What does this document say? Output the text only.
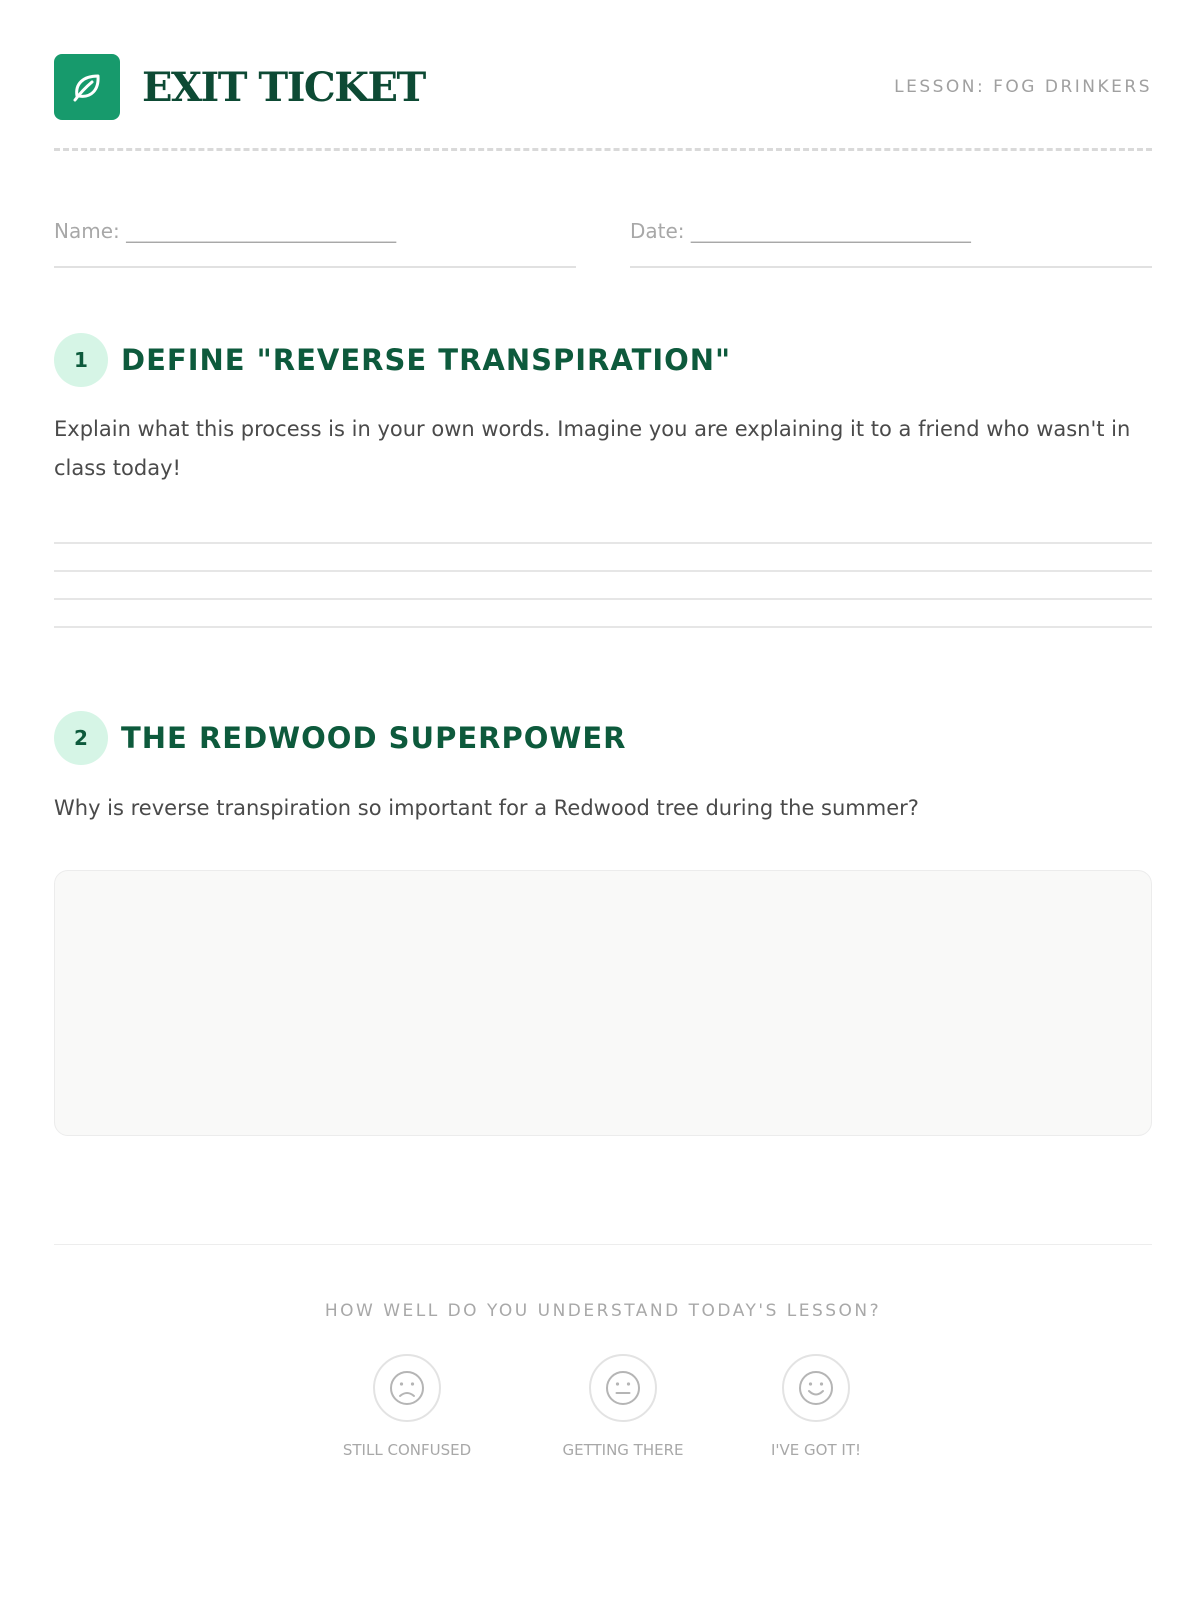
EXIT TICKET	LESSON: FOG DRINKERS
Name: ___________________________	Date: ____________________________
1	DEFINE "REVERSE TRANSPIRATION"
Explain what this process is in your own words. Imagine you are explaining it to a friend who wasn't in class today!
2	THE REDWOOD SUPERPOWER
Why is reverse transpiration so important for a Redwood tree during the summer?
HOW WELL DO YOU UNDERSTAND TODAY'S LESSON?
STILL CONFUSED	GETTING THERE	I'VE GOT IT!
